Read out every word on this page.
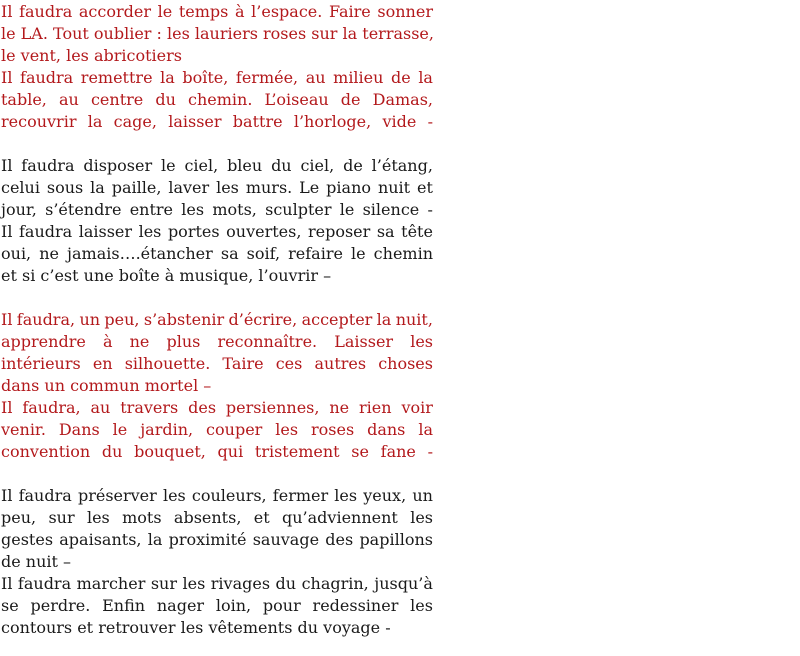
Il faudra accorder le temps à l’espace. Faire sonner
le LA. Tout oublier : les lauriers roses sur la terrasse,
le vent, les abricotiers
Il faudra remettre la boîte, fermée, au milieu de la
table, au centre du chemin. L’oiseau de Damas,
recouvrir la cage, laisser battre l’horloge, vide -
Il faudra disposer le ciel, bleu du ciel, de l’étang,
celui sous la paille, laver les murs. Le piano nuit et
jour, s’étendre entre les mots, sculpter le silence -
Il faudra laisser les portes ouvertes, reposer sa tête
oui, ne jamais….étancher sa soif, refaire le chemin
et si c’est une boîte à musique, l’ouvrir –
Il faudra, un peu, s’abstenir d’écrire, accepter la nuit,
apprendre à ne plus reconnaître. Laisser les
intérieurs en silhouette. Taire ces autres choses
dans un commun mortel –
Il faudra, au travers des persiennes, ne rien voir
venir. Dans le jardin, couper les roses dans la
convention du bouquet, qui tristement se fane -
Il faudra préserver les couleurs, fermer les yeux, un
peu, sur les mots absents, et qu’adviennent les
gestes apaisants, la proximité sauvage des papillons
de nuit –
Il faudra marcher sur les rivages du chagrin, jusqu’à
se perdre. Enfin nager loin, pour redessiner les
contours et retrouver les vêtements du voyage -
